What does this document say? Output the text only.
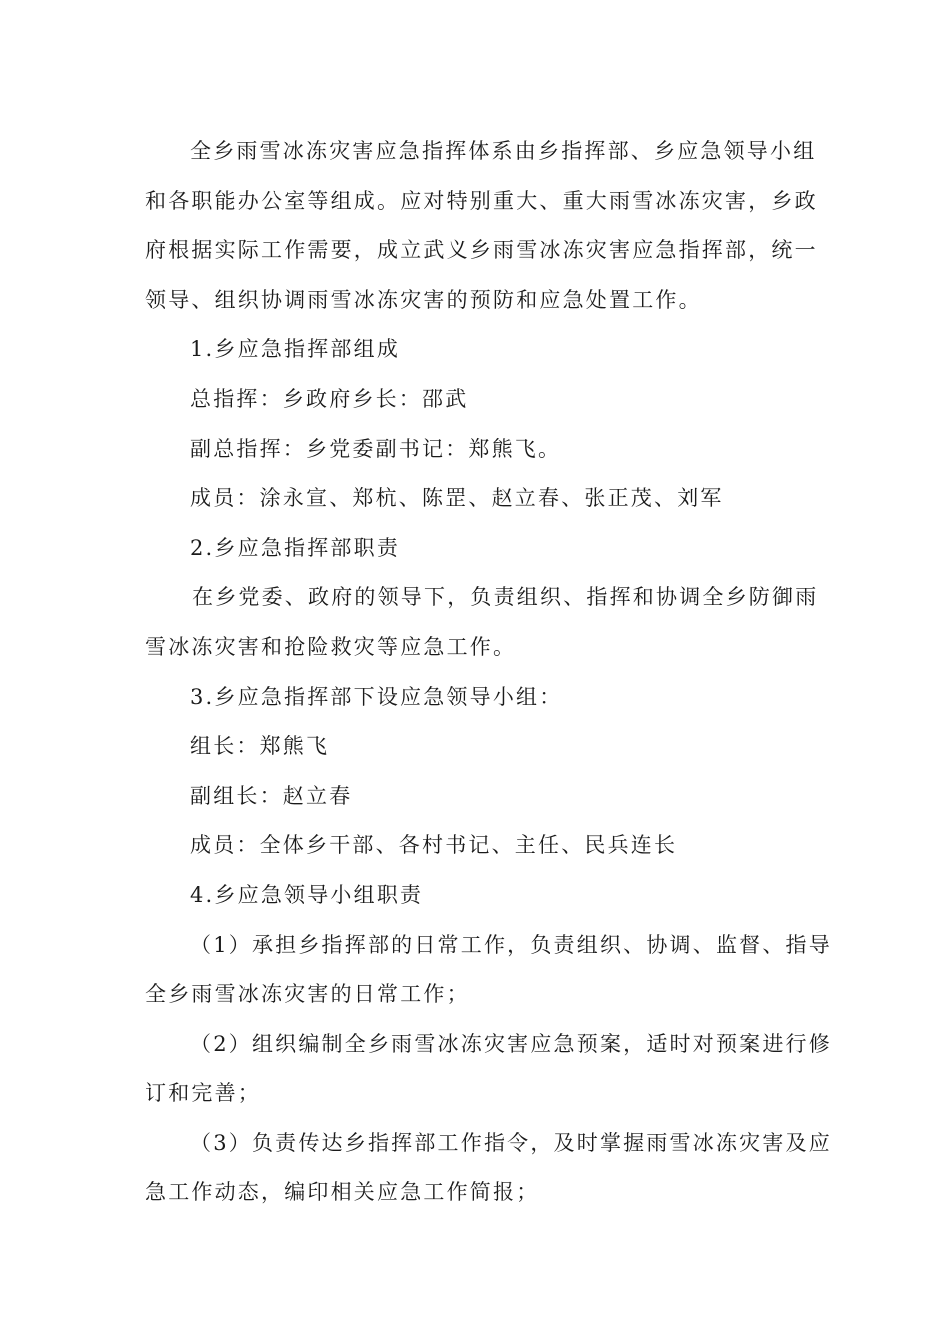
全乡雨雪冰冻灾害应急指挥体系由乡指挥部、乡应急领导小组

和各职能办公室等组成。应对特别重大、重大雨雪冰冻灾害，乡政

府根据实际工作需要，成立武义乡雨雪冰冻灾害应急指挥部，统一

领导、组织协调雨雪冰冻灾害的预防和应急处置工作。

1.乡应急指挥部组成

总指挥：乡政府乡长：邵武

副总指挥：乡党委副书记：郑熊飞。

成员：涂永宣、郑杭、陈罡、赵立春、张正茂、刘军

2.乡应急指挥部职责

在乡党委、政府的领导下，负责组织、指挥和协调全乡防御雨

雪冰冻灾害和抢险救灾等应急工作。

3.乡应急指挥部下设应急领导小组：

组长：郑熊飞

副组长：赵立春

成员：全体乡干部、各村书记、主任、民兵连长

4.乡应急领导小组职责

（1）承担乡指挥部的日常工作，负责组织、协调、监督、指导

全乡雨雪冰冻灾害的日常工作；

（2）组织编制全乡雨雪冰冻灾害应急预案，适时对预案进行修

订和完善；

（3）负责传达乡指挥部工作指令，及时掌握雨雪冰冻灾害及应

急工作动态，编印相关应急工作简报；
